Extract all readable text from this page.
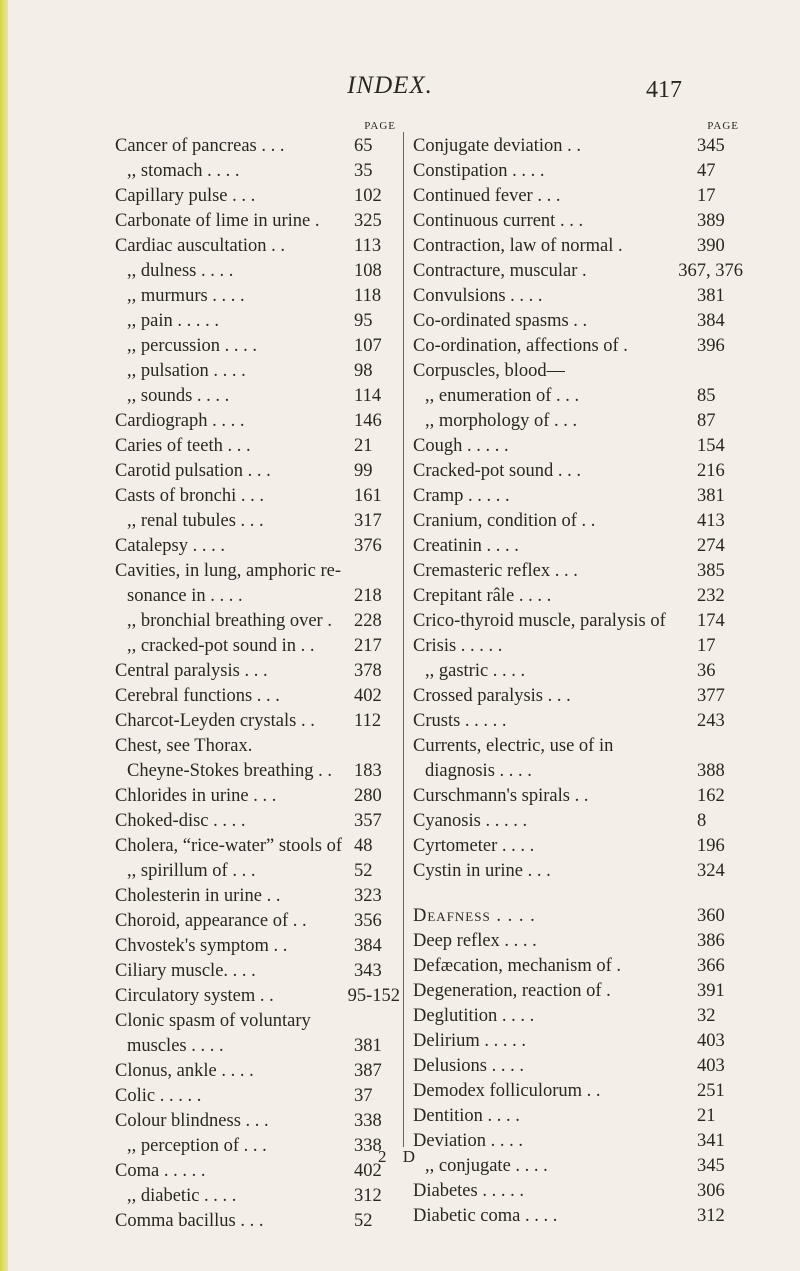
INDEX.	417
PAGE
Cancer of pancreas . . .	65
,, stomach . . . .	35
Capillary pulse . . .	102
Carbonate of lime in urine . 325
Cardiac auscultation . .	113
,, dulness . . . .	108
,, murmurs . . . .	118
,, pain . . . . .	95
,, percussion . . . .	107
,, pulsation . . . .	98
,, sounds . . . .	114
Cardiograph . . . .	146
Caries of teeth . . .	21
Carotid pulsation . . .	99
Casts of bronchi . . .	161
,, renal tubules . . .	317
Catalepsy . . . .	376
Cavities, in lung, amphoric re-
sonance in . . . .	218
,, bronchial breathing over . 228
,, cracked-pot sound in . . 217
Central paralysis . . .	378
Cerebral functions . . .	402
Charcot-Leyden crystals . . 112
Chest, see Thorax.
Cheyne-Stokes breathing . . 183
Chlorides in urine . . .	280
Choked-disc . . . .	357
Cholera, “rice-water” stools of 48
,, spirillum of . . .	52
Cholesterin in urine . .	323
Choroid, appearance of . .	356
Chvostek's symptom . .	384
Ciliary muscle. . . .	343
Circulatory system . .	95-152
Clonic spasm of voluntary
muscles . . . .	381
Clonus, ankle . . . .	387
Colic . . . . .	37
Colour blindness . . .	338
,, perception of . . .	338
Coma . . . . .	402
,, diabetic . . . .	312
Comma bacillus . . .	52
PAGE
Conjugate deviation . .	345
Constipation . . . .	47
Continued fever . . .	17
Continuous current . . .	389
Contraction, law of normal .	390
Contracture, muscular .	367, 376
Convulsions . . . .	381
Co-ordinated spasms . .	384
Co-ordination, affections of .	396
Corpuscles, blood—
,, enumeration of . . .	85
,, morphology of . . .	87
Cough . . . . .	154
Cracked-pot sound . . .	216
Cramp . . . . .	381
Cranium, condition of . .	413
Creatinin . . . .	274
Cremasteric reflex . . .	385
Crepitant râle . . . .	232
Crico-thyroid muscle, paralysis of 174
Crisis . . . . .	17
,, gastric . . . .	36
Crossed paralysis . . .	377
Crusts . . . . .	243
Currents, electric, use of in
diagnosis . . . .	388
Curschmann's spirals . .	162
Cyanosis . . . . .	8
Cyrtometer . . . .	196
Cystin in urine . . .	324
Deafness . . . .	360
Deep reflex . . . .	386
Defæcation, mechanism of .	366
Degeneration, reaction of .	391
Deglutition . . . .	32
Delirium . . . . .	403
Delusions . . . .	403
Demodex folliculorum . .	251
Dentition . . . .	21
Deviation . . . .	341
,, conjugate . . . .	345
Diabetes . . . . .	306
Diabetic coma . . . .	312
2 D
